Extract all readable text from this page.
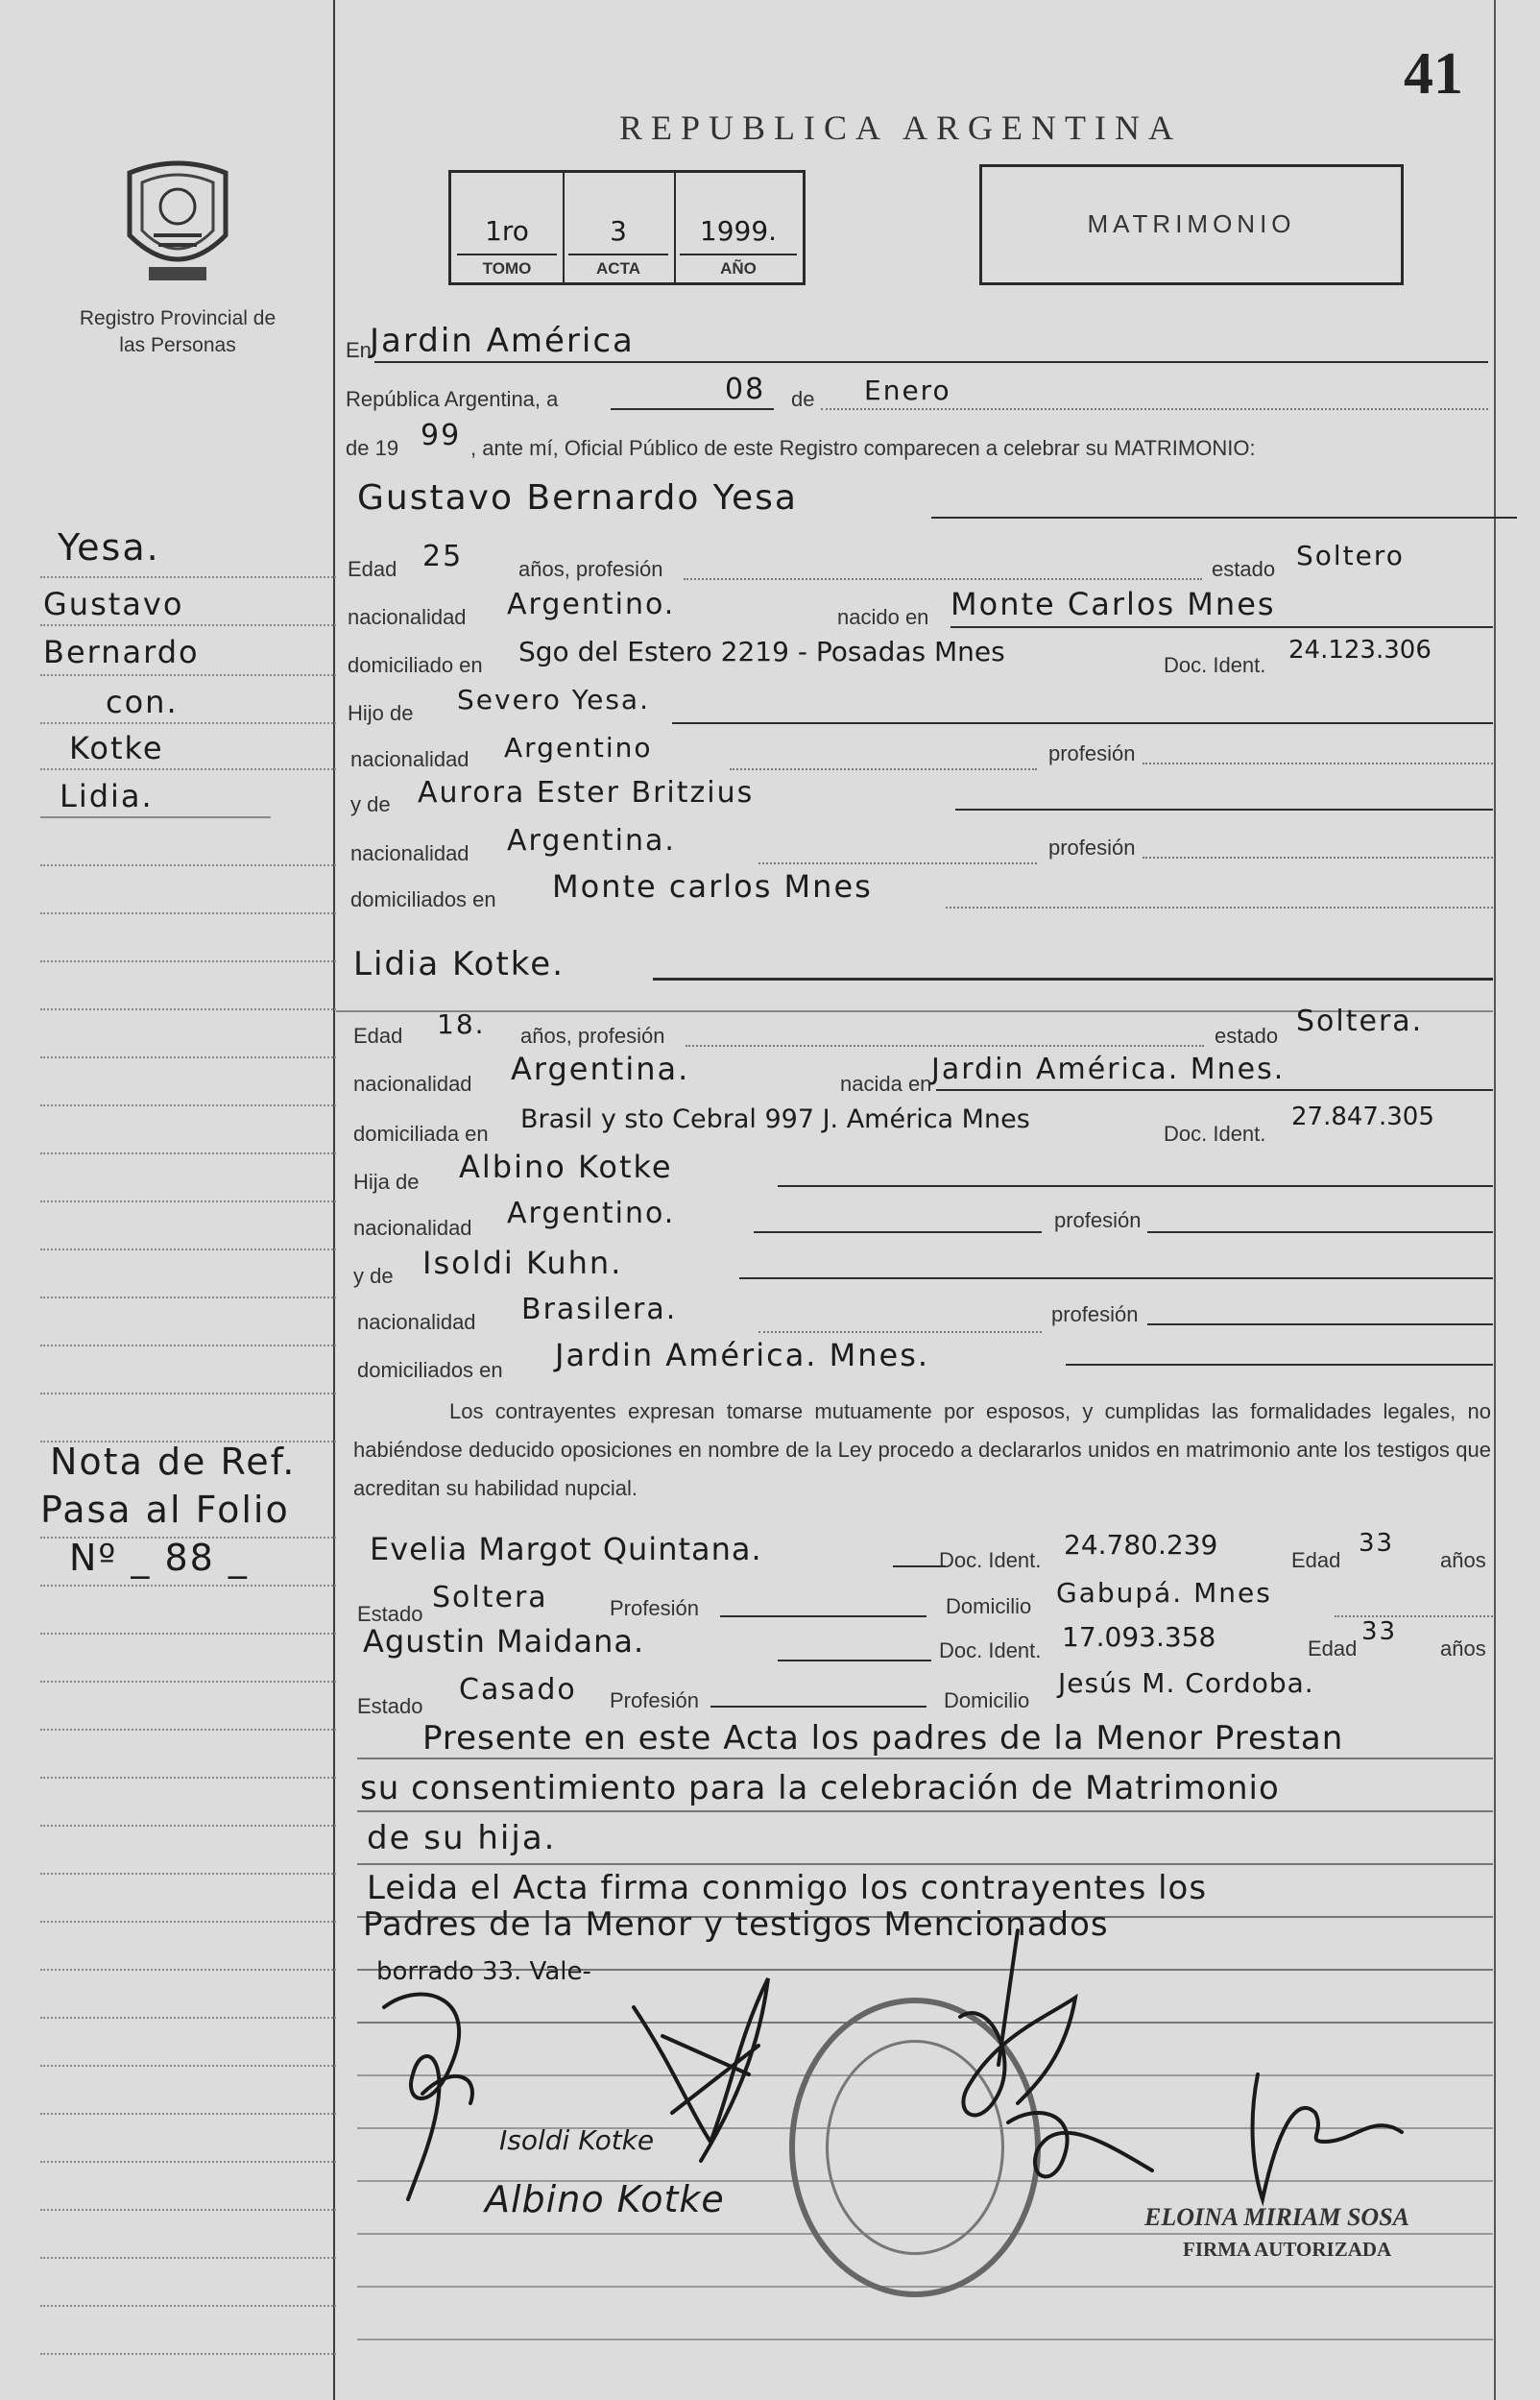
41
REPUBLICA ARGENTINA
Registro Provincial de las Personas
1ro
TOMO
3
ACTA
1999.
AÑO
MATRIMONIO
Yesa.
Gustavo
Bernardo
con.
Kotke
Lidia.
Nota de Ref.
Pasa al Folio
Nº _ 88 _
En
Jardin América
República Argentina, a	08 de Enero
de 19 99 , ante mí, Oficial Público de este Registro comparecen a celebrar su MATRIMONIO:
Gustavo Bernardo Yesa
Edad 25	años, profesión	estado Soltero
nacionalidad Argentino.	nacido en Monte Carlos Mnes
domiciliado en Sgo del Estero 2219 - Posadas Mnes	Doc. Ident.
24.123.306
Hijo de Severo Yesa.
nacionalidad Argentino	profesión
y de Aurora Ester Britzius
nacionalidad Argentina.	profesión
domiciliados en Monte carlos Mnes
Lidia Kotke.
Edad 18. años, profesión	estado Soltera.
nacionalidad Argentina.	nacida en Jardin América. Mnes.
domiciliada en Brasil y sto Cebral 997 J. América Mnes	Doc. Ident.
27.847.305
Hija de Albino Kotke
nacionalidad Argentino.	profesión
y de Isoldi Kuhn.
nacionalidad Brasilera.	profesión
domiciliados en Jardin América. Mnes.
Los contrayentes expresan tomarse mutuamente por esposos, y cumplidas las formalidades legales, no habiéndose deducido oposiciones en nombre de la Ley procedo a declararlos unidos en matrimonio ante los testigos que acreditan su habilidad nupcial.
Evelia Margot Quintana.	Doc. Ident. 24.780.239	Edad
33
años
Estado Soltera	Profesión	Domicilio Gabupá. Mnes
Agustin Maidana.	Doc. Ident. 17.093.358	Edad
33
años
Estado Casado Profesión	Domicilio
Jesús M. Cordoba.
Presente en este Acta los padres de la Menor Prestan
su consentimiento para la celebración de Matrimonio
de su hija.
Leida el Acta firma conmigo los contrayentes los
Padres de la Menor y testigos Mencionados
borrado 33. Vale-
Isoldi Kotke
Albino Kotke	ELOINA MIRIAM SOSA
FIRMA AUTORIZADA
